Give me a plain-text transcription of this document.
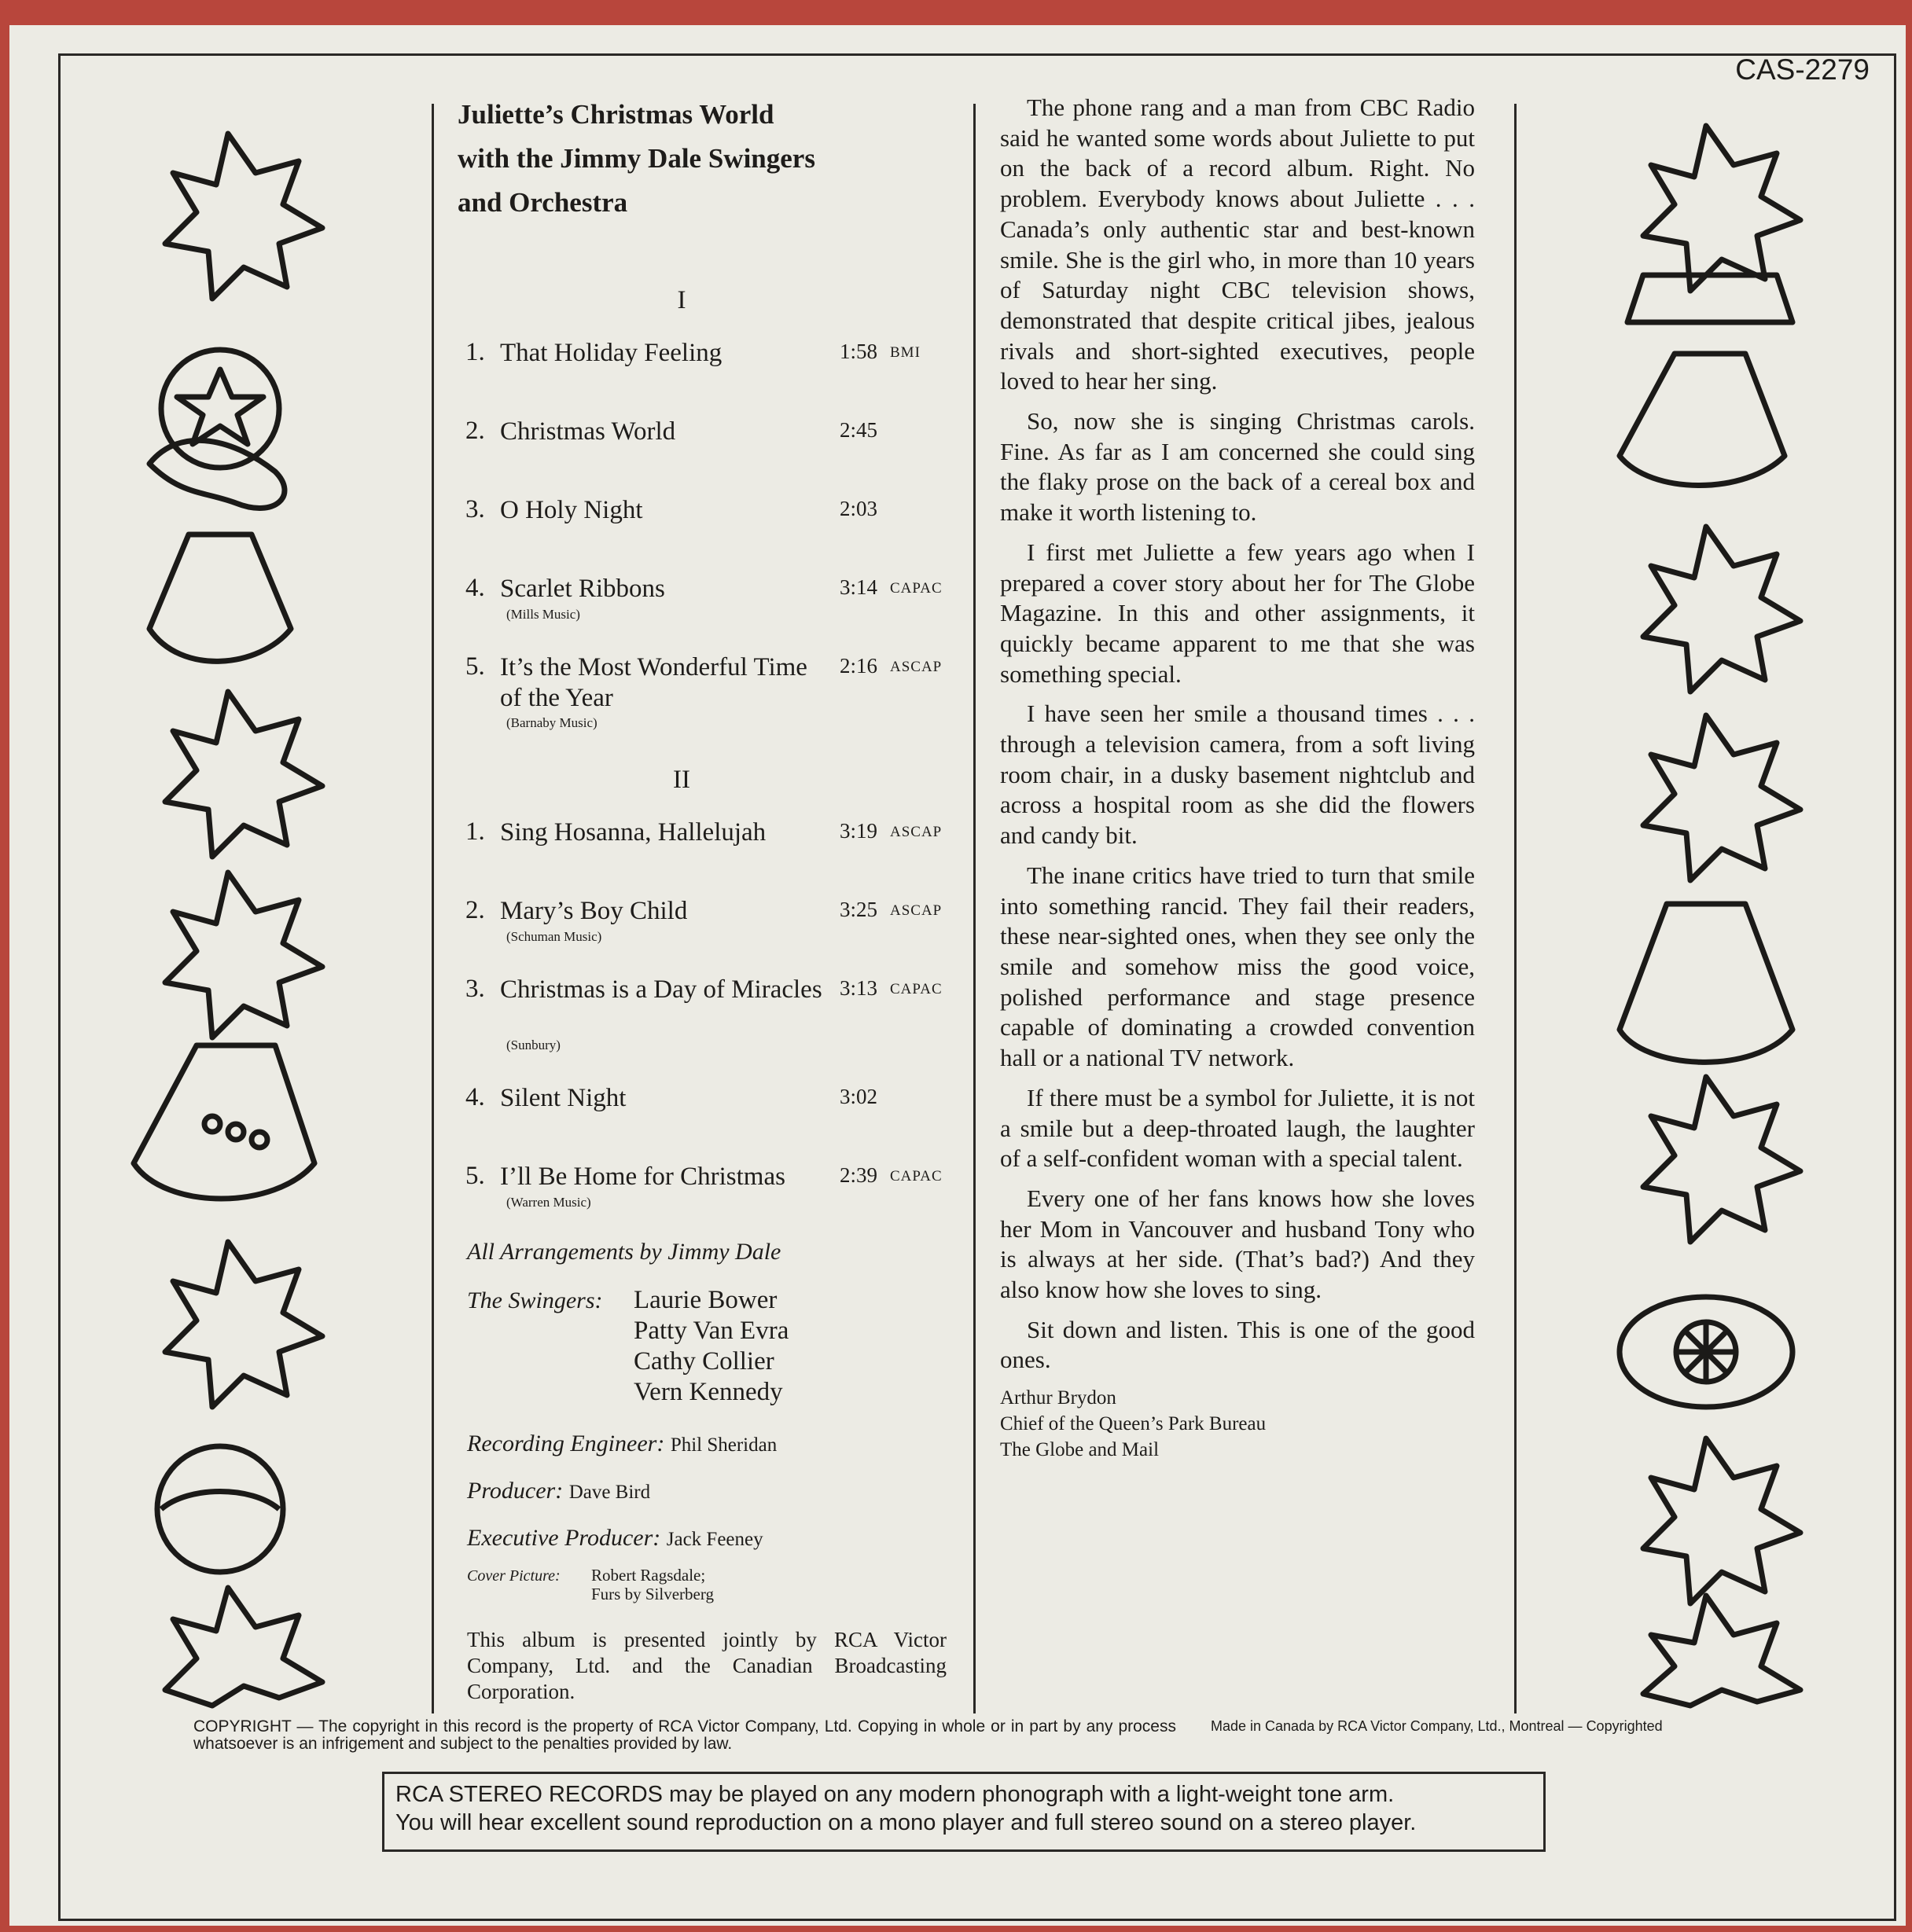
CAS-2279
Juliette’s Christmas World
with the Jimmy Dale Swingers
and Orchestra
I
1. That Holiday Feeling	1:58 BMI
2. Christmas World	2:45
3. O Holy Night	2:03
4. Scarlet Ribbons	3:14 CAPAC
(Mills Music)
5. It’s the Most Wonderful Time of the Year
2:16 ASCAP
(Barnaby Music)
II
1. Sing Hosanna, Hallelujah	3:19 ASCAP
2. Mary’s Boy Child	3:25 ASCAP
(Schuman Music)
3. Christmas is a Day of Miracles 3:13 CAPAC
(Sunbury)
4. Silent Night	3:02
5. I’ll Be Home for Christmas	2:39 CAPAC
(Warren Music)
All Arrangements by Jimmy Dale
The Swingers: Laurie Bower
Patty Van Evra
Cathy Collier
Vern Kennedy
Recording Engineer: Phil Sheridan
Producer: Dave Bird
Executive Producer: Jack Feeney
Cover Picture: Robert Ragsdale;
Furs by Silverberg
This album is presented jointly by RCA Victor Company, Ltd. and the Canadian Broadcasting Corporation.

The phone rang and a man from CBC Radio said he wanted some words about Juliette to put on the back of a record album. Right. No problem. Everybody knows about Juliette . . . Canada’s only authentic star and best-known smile. She is the girl who, in more than 10 years of Saturday night CBC television shows, demonstrated that despite critical jibes, jealous rivals and short-sighted executives, people loved to hear her sing.

So, now she is singing Christmas carols. Fine. As far as I am concerned she could sing the flaky prose on the back of a cereal box and make it worth listening to.

I first met Juliette a few years ago when I prepared a cover story about her for The Globe Magazine. In this and other assignments, it quickly became apparent to me that she was something special.

I have seen her smile a thousand times . . . through a television camera, from a soft living room chair, in a dusky basement nightclub and across a hospital room as she did the flowers and candy bit.

The inane critics have tried to turn that smile into something rancid. They fail their readers, these near-sighted ones, when they see only the smile and somehow miss the good voice, polished performance and stage presence capable of dominating a crowded convention hall or a national TV network.

If there must be a symbol for Juliette, it is not a smile but a deep-throated laugh, the laughter of a self-confident woman with a special talent.

Every one of her fans knows how she loves her Mom in Vancouver and husband Tony who is always at her side. (That’s bad?) And they also know how she loves to sing.

Sit down and listen. This is one of the good ones.

Arthur Brydon
Chief of the Queen’s Park Bureau
The Globe and Mail
COPYRIGHT — The copyright in this record is the property of RCA Victor Company, Ltd. Copying in whole or in part by any process whatsoever is an infrigement and subject to the penalties provided by law.
Made in Canada by RCA Victor Company, Ltd., Montreal — Copyrighted
RCA STEREO RECORDS may be played on any modern phonograph with a light-weight tone arm.
You will hear excellent sound reproduction on a mono player and full stereo sound on a stereo player.
